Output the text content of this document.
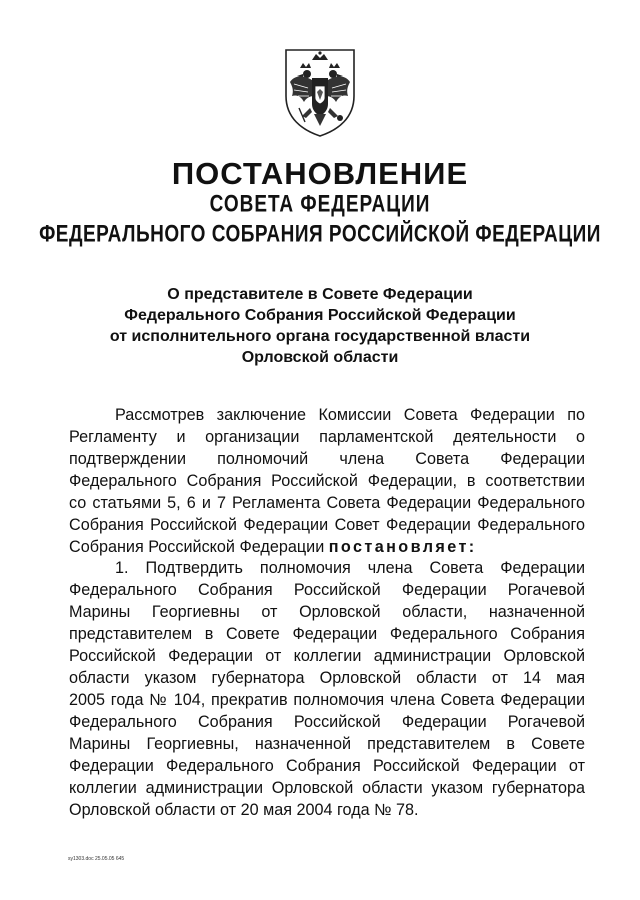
ПОСТАНОВЛЕНИЕ
СОВЕТА ФЕДЕРАЦИИ
ФЕДЕРАЛЬНОГО СОБРАНИЯ РОССИЙСКОЙ ФЕДЕРАЦИИ
О представителе в Совете Федерации
Федерального Собрания Российской Федерации
от исполнительного органа государственной власти
Орловской области
Рассмотрев заключение Комиссии Совета Федерации по
Регламенту и организации парламентской деятельности о
подтверждении полномочий члена Совета Федерации
Федерального Собрания Российской Федерации, в соответствии
со статьями 5, 6 и 7 Регламента Совета Федерации Федерального
Собрания Российской Федерации Совет Федерации Федерального
Собрания Российской Федерации постановляет:
1. Подтвердить полномочия члена Совета Федерации
Федерального Собрания Российской Федерации Рогачевой
Марины Георгиевны от Орловской области, назначенной
представителем в Совете Федерации Федерального Собрания
Российской Федерации от коллегии администрации Орловской
области указом губернатора Орловской области от 14 мая
2005 года № 104, прекратив полномочия члена Совета Федерации
Федерального Собрания Российской Федерации Рогачевой
Марины Георгиевны, назначенной представителем в Совете
Федерации Федерального Собрания Российской Федерации от
коллегии администрации Орловской области указом губернатора
Орловской области от 20 мая 2004 года № 78.
sy1303.doc 25.05.05 645
